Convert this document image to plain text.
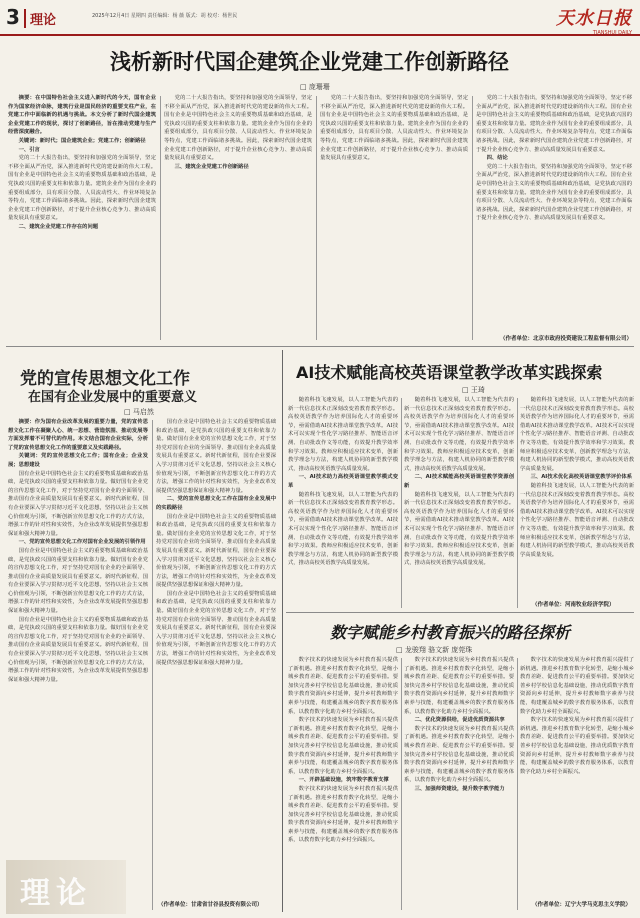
3 理论	2025年12月4日 星期四 责任编辑：杨 薇 版式：胡 校对：杨世民	天水日报
TIANSHUI DAILY
浅析新时代国企建筑企业党建工作创新路径
□ 庞珊珊

摘要：在中国特色社会主义进入新时代的今天，国有企业作为国家经济命脉，建筑行业是国民经济的重要支柱产业，在党建工作中面临新的机遇与挑战。本文分析了新时代国企建筑企业党建工作的现状，探讨了创新路径，旨在推动党建与生产经营深度融合。

关键词：新时代；国企建筑企业；党建工作；创新路径

一、引言

党的二十大报告指出，要坚持和加强党的全面领导，坚定不移全面从严治党，深入推进新时代党的建设新的伟大工程。国有企业是中国特色社会主义的重要物质基础和政治基础，是党执政兴国的重要支柱和依靠力量。建筑企业作为国有企业的重要组成部分，具有项目分散、人员流动性大、作业环境复杂等特点，党建工作面临诸多挑战。因此，探索新时代国企建筑企业党建工作创新路径，对于提升企业核心竞争力、推动高质量发展具有重要意义。

二、建筑企业党建工作存在的问题

党的二十大报告指出，要坚持和加强党的全面领导，坚定不移全面从严治党，深入推进新时代党的建设新的伟大工程。国有企业是中国特色社会主义的重要物质基础和政治基础，是党执政兴国的重要支柱和依靠力量。建筑企业作为国有企业的重要组成部分，具有项目分散、人员流动性大、作业环境复杂等特点，党建工作面临诸多挑战。因此，探索新时代国企建筑企业党建工作创新路径，对于提升企业核心竞争力、推动高质量发展具有重要意义。

三、建筑企业党建工作创新路径

党的二十大报告指出，要坚持和加强党的全面领导，坚定不移全面从严治党，深入推进新时代党的建设新的伟大工程。国有企业是中国特色社会主义的重要物质基础和政治基础，是党执政兴国的重要支柱和依靠力量。建筑企业作为国有企业的重要组成部分，具有项目分散、人员流动性大、作业环境复杂等特点，党建工作面临诸多挑战。因此，探索新时代国企建筑企业党建工作创新路径，对于提升企业核心竞争力、推动高质量发展具有重要意义。

党的二十大报告指出，要坚持和加强党的全面领导，坚定不移全面从严治党，深入推进新时代党的建设新的伟大工程。国有企业是中国特色社会主义的重要物质基础和政治基础，是党执政兴国的重要支柱和依靠力量。建筑企业作为国有企业的重要组成部分，具有项目分散、人员流动性大、作业环境复杂等特点，党建工作面临诸多挑战。因此，探索新时代国企建筑企业党建工作创新路径，对于提升企业核心竞争力、推动高质量发展具有重要意义。

四、结论

党的二十大报告指出，要坚持和加强党的全面领导，坚定不移全面从严治党，深入推进新时代党的建设新的伟大工程。国有企业是中国特色社会主义的重要物质基础和政治基础，是党执政兴国的重要支柱和依靠力量。建筑企业作为国有企业的重要组成部分，具有项目分散、人员流动性大、作业环境复杂等特点，党建工作面临诸多挑战。因此，探索新时代国企建筑企业党建工作创新路径，对于提升企业核心竞争力、推动高质量发展具有重要意义。

（作者单位：北京市政府投资建设工程监督有限公司）
党的宣传思想文化工作
在国有企业发展中的重要意义
□ 马启然

摘要：作为国有企业改革发展的重要力量，党的宣传思想文化工作在凝聚人心、统一思想、营造氛围、推动发展等方面发挥着不可替代的作用。本文结合国有企业实际，分析了党的宣传思想文化工作的重要意义及实践路径。

关键词：党的宣传思想文化工作；国有企业；企业发展；思想建设

国有企业是中国特色社会主义的重要物质基础和政治基础，是党执政兴国的重要支柱和依靠力量。做好国有企业党的宣传思想文化工作，对于坚持党对国有企业的全面领导、推动国有企业高质量发展具有重要意义。新时代新征程，国有企业要深入学习贯彻习近平文化思想，坚持以社会主义核心价值观为引领，不断创新宣传思想文化工作的方式方法，增强工作的针对性和实效性，为企业改革发展提供坚强思想保证和强大精神力量。

一、党的宣传思想文化工作对国有企业发展的引领作用

国有企业是中国特色社会主义的重要物质基础和政治基础，是党执政兴国的重要支柱和依靠力量。做好国有企业党的宣传思想文化工作，对于坚持党对国有企业的全面领导、推动国有企业高质量发展具有重要意义。新时代新征程，国有企业要深入学习贯彻习近平文化思想，坚持以社会主义核心价值观为引领，不断创新宣传思想文化工作的方式方法，增强工作的针对性和实效性，为企业改革发展提供坚强思想保证和强大精神力量。

国有企业是中国特色社会主义的重要物质基础和政治基础，是党执政兴国的重要支柱和依靠力量。做好国有企业党的宣传思想文化工作，对于坚持党对国有企业的全面领导、推动国有企业高质量发展具有重要意义。新时代新征程，国有企业要深入学习贯彻习近平文化思想，坚持以社会主义核心价值观为引领，不断创新宣传思想文化工作的方式方法，增强工作的针对性和实效性，为企业改革发展提供坚强思想保证和强大精神力量。

国有企业是中国特色社会主义的重要物质基础和政治基础，是党执政兴国的重要支柱和依靠力量。做好国有企业党的宣传思想文化工作，对于坚持党对国有企业的全面领导、推动国有企业高质量发展具有重要意义。新时代新征程，国有企业要深入学习贯彻习近平文化思想，坚持以社会主义核心价值观为引领，不断创新宣传思想文化工作的方式方法，增强工作的针对性和实效性，为企业改革发展提供坚强思想保证和强大精神力量。

二、党的宣传思想文化工作在国有企业发展中的实践路径

国有企业是中国特色社会主义的重要物质基础和政治基础，是党执政兴国的重要支柱和依靠力量。做好国有企业党的宣传思想文化工作，对于坚持党对国有企业的全面领导、推动国有企业高质量发展具有重要意义。新时代新征程，国有企业要深入学习贯彻习近平文化思想，坚持以社会主义核心价值观为引领，不断创新宣传思想文化工作的方式方法，增强工作的针对性和实效性，为企业改革发展提供坚强思想保证和强大精神力量。

国有企业是中国特色社会主义的重要物质基础和政治基础，是党执政兴国的重要支柱和依靠力量。做好国有企业党的宣传思想文化工作，对于坚持党对国有企业的全面领导、推动国有企业高质量发展具有重要意义。新时代新征程，国有企业要深入学习贯彻习近平文化思想，坚持以社会主义核心价值观为引领，不断创新宣传思想文化工作的方式方法，增强工作的针对性和实效性，为企业改革发展提供坚强思想保证和强大精神力量。

（作者单位：甘肃省甘谷县投资有限公司）
理论
AI技术赋能高校英语课堂教学改革实践探索
□ 王琦

随着科技飞速发展，以人工智能为代表的新一代信息技术正深刻改变着教育教学形态。高校英语教学作为培养国际化人才的重要环节，亟需借助AI技术推动课堂教学改革。AI技术可以实现个性化学习路径推荐、智能语音评测、自动批改作文等功能，有效提升教学效率和学习效果。教师应积极适应技术变革，创新教学理念与方法，构建人机协同的新型教学模式，推动高校英语教学高质量发展。

一、AI技术助力高校英语课堂教学模式变革

随着科技飞速发展，以人工智能为代表的新一代信息技术正深刻改变着教育教学形态。高校英语教学作为培养国际化人才的重要环节，亟需借助AI技术推动课堂教学改革。AI技术可以实现个性化学习路径推荐、智能语音评测、自动批改作文等功能，有效提升教学效率和学习效果。教师应积极适应技术变革，创新教学理念与方法，构建人机协同的新型教学模式，推动高校英语教学高质量发展。

随着科技飞速发展，以人工智能为代表的新一代信息技术正深刻改变着教育教学形态。高校英语教学作为培养国际化人才的重要环节，亟需借助AI技术推动课堂教学改革。AI技术可以实现个性化学习路径推荐、智能语音评测、自动批改作文等功能，有效提升教学效率和学习效果。教师应积极适应技术变革，创新教学理念与方法，构建人机协同的新型教学模式，推动高校英语教学高质量发展。

二、AI技术赋能高校英语课堂教学资源创新

随着科技飞速发展，以人工智能为代表的新一代信息技术正深刻改变着教育教学形态。高校英语教学作为培养国际化人才的重要环节，亟需借助AI技术推动课堂教学改革。AI技术可以实现个性化学习路径推荐、智能语音评测、自动批改作文等功能，有效提升教学效率和学习效果。教师应积极适应技术变革，创新教学理念与方法，构建人机协同的新型教学模式，推动高校英语教学高质量发展。

随着科技飞速发展，以人工智能为代表的新一代信息技术正深刻改变着教育教学形态。高校英语教学作为培养国际化人才的重要环节，亟需借助AI技术推动课堂教学改革。AI技术可以实现个性化学习路径推荐、智能语音评测、自动批改作文等功能，有效提升教学效率和学习效果。教师应积极适应技术变革，创新教学理念与方法，构建人机协同的新型教学模式，推动高校英语教学高质量发展。

三、AI技术优化高校英语课堂教学评价体系

随着科技飞速发展，以人工智能为代表的新一代信息技术正深刻改变着教育教学形态。高校英语教学作为培养国际化人才的重要环节，亟需借助AI技术推动课堂教学改革。AI技术可以实现个性化学习路径推荐、智能语音评测、自动批改作文等功能，有效提升教学效率和学习效果。教师应积极适应技术变革，创新教学理念与方法，构建人机协同的新型教学模式，推动高校英语教学高质量发展。

（作者单位：河南牧业经济学院）
数字赋能乡村教育振兴的路径探析
□ 龙骏翔 骆文新 庞莞珠

数字技术的快速发展为乡村教育振兴提供了新机遇。推进乡村教育数字化转型，是缩小城乡教育差距、促进教育公平的重要举措。要加快完善乡村学校信息化基础设施，推动优质数字教育资源向乡村延伸，提升乡村教师数字素养与技能，构建覆盖城乡的数字教育服务体系，以教育数字化助力乡村全面振兴。

数字技术的快速发展为乡村教育振兴提供了新机遇。推进乡村教育数字化转型，是缩小城乡教育差距、促进教育公平的重要举措。要加快完善乡村学校信息化基础设施，推动优质数字教育资源向乡村延伸，提升乡村教师数字素养与技能，构建覆盖城乡的数字教育服务体系，以教育数字化助力乡村全面振兴。

一、开辟基础设施，筑牢数字教育支撑

数字技术的快速发展为乡村教育振兴提供了新机遇。推进乡村教育数字化转型，是缩小城乡教育差距、促进教育公平的重要举措。要加快完善乡村学校信息化基础设施，推动优质数字教育资源向乡村延伸，提升乡村教师数字素养与技能，构建覆盖城乡的数字教育服务体系，以教育数字化助力乡村全面振兴。

数字技术的快速发展为乡村教育振兴提供了新机遇。推进乡村教育数字化转型，是缩小城乡教育差距、促进教育公平的重要举措。要加快完善乡村学校信息化基础设施，推动优质数字教育资源向乡村延伸，提升乡村教师数字素养与技能，构建覆盖城乡的数字教育服务体系，以教育数字化助力乡村全面振兴。

二、优化资源供给，促进优质资源共享

数字技术的快速发展为乡村教育振兴提供了新机遇。推进乡村教育数字化转型，是缩小城乡教育差距、促进教育公平的重要举措。要加快完善乡村学校信息化基础设施，推动优质数字教育资源向乡村延伸，提升乡村教师数字素养与技能，构建覆盖城乡的数字教育服务体系，以教育数字化助力乡村全面振兴。

三、加强师资建设，提升数字教学能力

数字技术的快速发展为乡村教育振兴提供了新机遇。推进乡村教育数字化转型，是缩小城乡教育差距、促进教育公平的重要举措。要加快完善乡村学校信息化基础设施，推动优质数字教育资源向乡村延伸，提升乡村教师数字素养与技能，构建覆盖城乡的数字教育服务体系，以教育数字化助力乡村全面振兴。

数字技术的快速发展为乡村教育振兴提供了新机遇。推进乡村教育数字化转型，是缩小城乡教育差距、促进教育公平的重要举措。要加快完善乡村学校信息化基础设施，推动优质数字教育资源向乡村延伸，提升乡村教师数字素养与技能，构建覆盖城乡的数字教育服务体系，以教育数字化助力乡村全面振兴。

（作者单位：辽宁大学马克思主义学院）
